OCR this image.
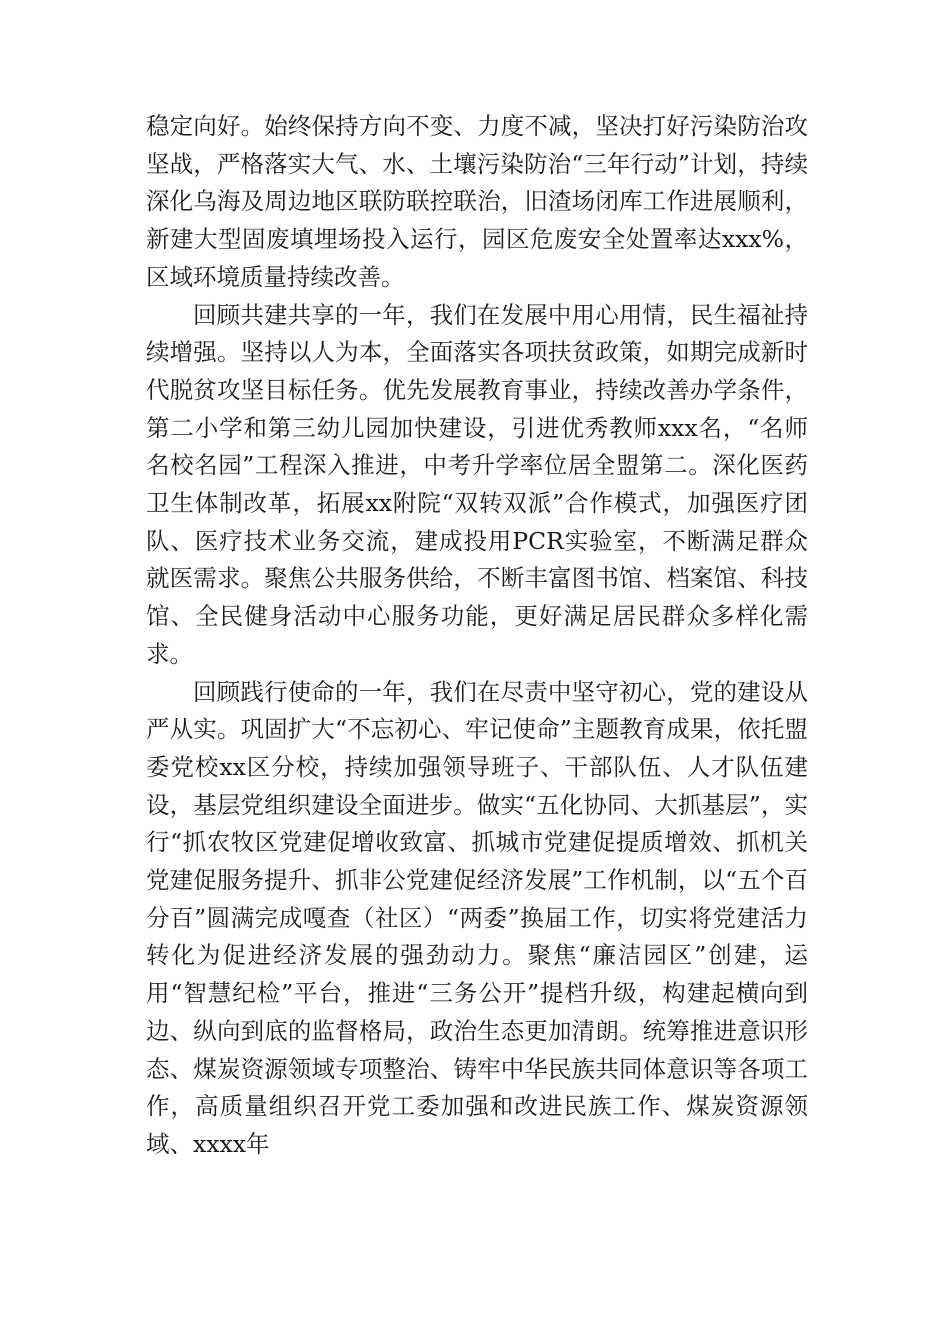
稳定向好。始终保持方向不变、力度不减，坚决打好污染防治攻坚战，严格落实大气、水、土壤污染防治“三年行动”计划，持续深化乌海及周边地区联防联控联治，旧渣场闭库工作进展顺利，新建大型固废填埋场投入运行，园区危废安全处置率达xxx%，区域环境质量持续改善。

回顾共建共享的一年，我们在发展中用心用情，民生福祉持续增强。坚持以人为本，全面落实各项扶贫政策，如期完成新时代脱贫攻坚目标任务。优先发展教育事业，持续改善办学条件，第二小学和第三幼儿园加快建设，引进优秀教师xxx名，“名师名校名园”工程深入推进，中考升学率位居全盟第二。深化医药卫生体制改革，拓展xx附院“双转双派”合作模式，加强医疗团队、医疗技术业务交流，建成投用PCR实验室，不断满足群众就医需求。聚焦公共服务供给，不断丰富图书馆、档案馆、科技馆、全民健身活动中心服务功能，更好满足居民群众多样化需求。

回顾践行使命的一年，我们在尽责中坚守初心，党的建设从严从实。巩固扩大“不忘初心、牢记使命”主题教育成果，依托盟委党校xx区分校，持续加强领导班子、干部队伍、人才队伍建设，基层党组织建设全面进步。做实“五化协同、大抓基层”，实行“抓农牧区党建促增收致富、抓城市党建促提质增效、抓机关党建促服务提升、抓非公党建促经济发展”工作机制，以“五个百分百”圆满完成嘎查（社区）“两委”换届工作，切实将党建活力转化为促进经济发展的强劲动力。聚焦“廉洁园区”创建，运用“智慧纪检”平台，推进“三务公开”提档升级，构建起横向到边、纵向到底的监督格局，政治生态更加清朗。统筹推进意识形态、煤炭资源领域专项整治、铸牢中华民族共同体意识等各项工作，高质量组织召开党工委加强和改进民族工作、煤炭资源领域、xxxx年
